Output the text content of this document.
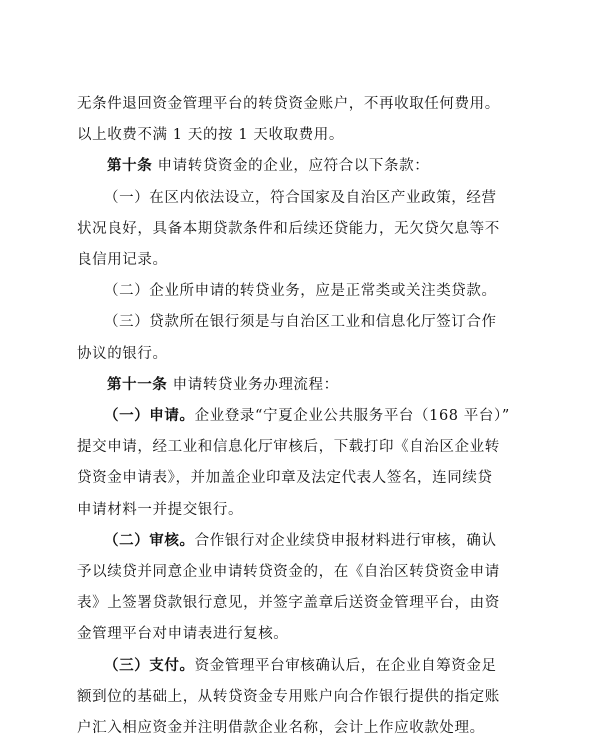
无条件退回资金管理平台的转贷资金账户，不再收取任何费用。
以上收费不满 1 天的按 1 天收取费用。
第十条 申请转贷资金的企业，应符合以下条款：
（一）在区内依法设立，符合国家及自治区产业政策，经营
状况良好，具备本期贷款条件和后续还贷能力，无欠贷欠息等不
良信用记录。
（二）企业所申请的转贷业务，应是正常类或关注类贷款。
（三）贷款所在银行须是与自治区工业和信息化厅签订合作
协议的银行。
第十一条 申请转贷业务办理流程：
（一）申请。企业登录“宁夏企业公共服务平台（168 平台）”
提交申请，经工业和信息化厅审核后，下载打印《自治区企业转
贷资金申请表》，并加盖企业印章及法定代表人签名，连同续贷
申请材料一并提交银行。
（二）审核。合作银行对企业续贷申报材料进行审核，确认
予以续贷并同意企业申请转贷资金的，在《自治区转贷资金申请
表》上签署贷款银行意见，并签字盖章后送资金管理平台，由资
金管理平台对申请表进行复核。
（三）支付。资金管理平台审核确认后，在企业自筹资金足
额到位的基础上，从转贷资金专用账户向合作银行提供的指定账
户汇入相应资金并注明借款企业名称，会计上作应收款处理。
